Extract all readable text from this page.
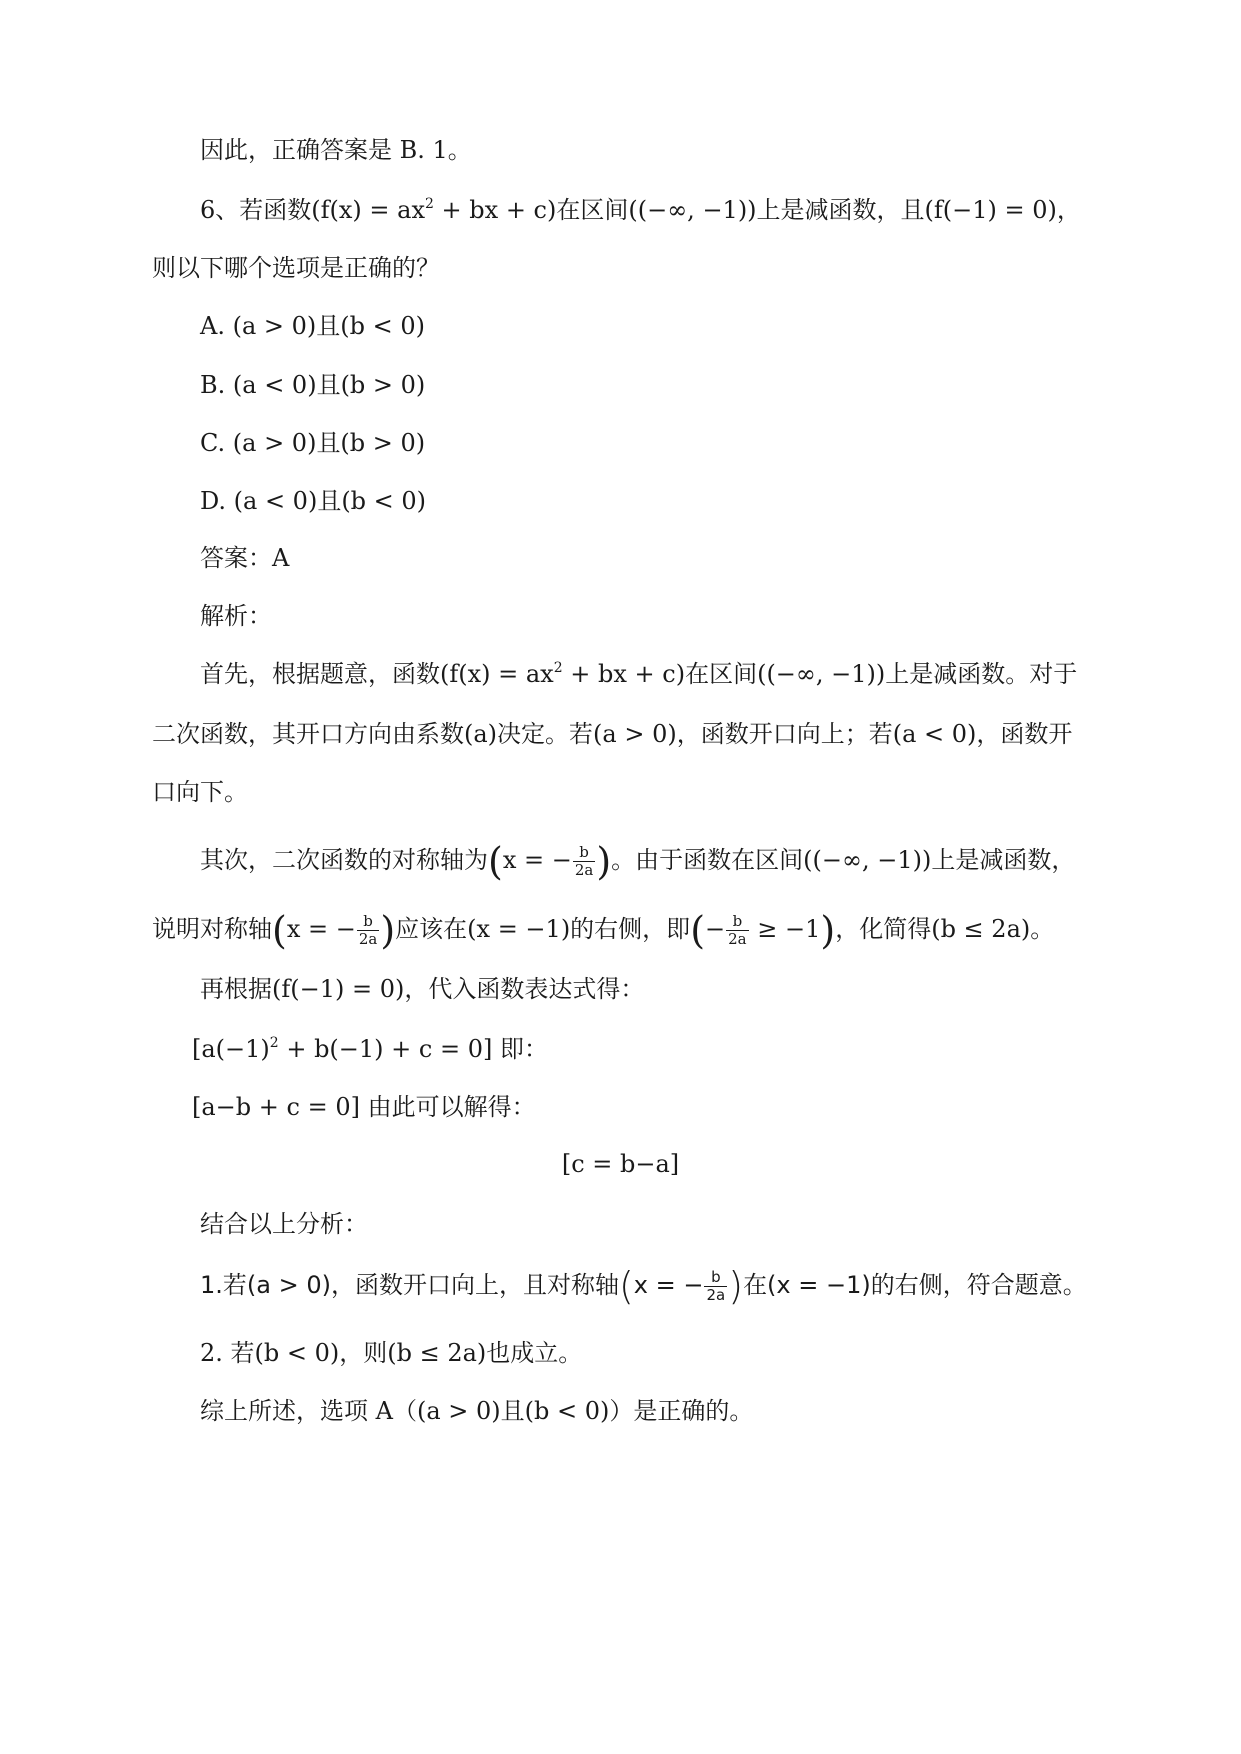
因此，正确答案是 B. 1。
6、若函数($f(x) = ax^2$ + bx + c)在区间((−∞, −1))上是减函数，且(f(−1) = 0)，
则以下哪个选项是正确的？
A. (a > 0)且(b < 0)
B. (a < 0)且(b > 0)
C. (a > 0)且(b > 0)
D. (a < 0)且(b < 0)
答案：A
解析：
首先，根据题意，函数($f(x) = ax^2$ + bx + c)在区间((−∞, −1))上是减函数。对于
二次函数，其开口方向由系数(a)决定。若(a > 0)，函数开口向上；若(a < 0)，函数开
口向下。
其次，二次函数的对称轴为(x = − $\frac{b}{2a}$ )。由于函数在区间((−∞, −1))上是减函数，
说明对称轴(x = − $\frac{b}{2a}$ )应该在(x = −1)的右侧，即(− $\frac{b}{2a} \ge -1$)，化简得(b ≤ 2a)。
再根据(f(−1) = 0)，代入函数表达式得：
$[a(-1)^2 + b(-1) + c = 0]$ 即：
[a−b + c = 0] 由此可以解得：
[c = b−a]
结合以上分析：
1.若(a > 0)，函数开口向上，且对称轴(x = − $\frac{b}{2a}$ )在(x = −1)的右侧，符合题意。
2. 若(b < 0)，则(b ≤ 2a)也成立。
综上所述，选项 A（(a > 0)且(b < 0)）是正确的。
